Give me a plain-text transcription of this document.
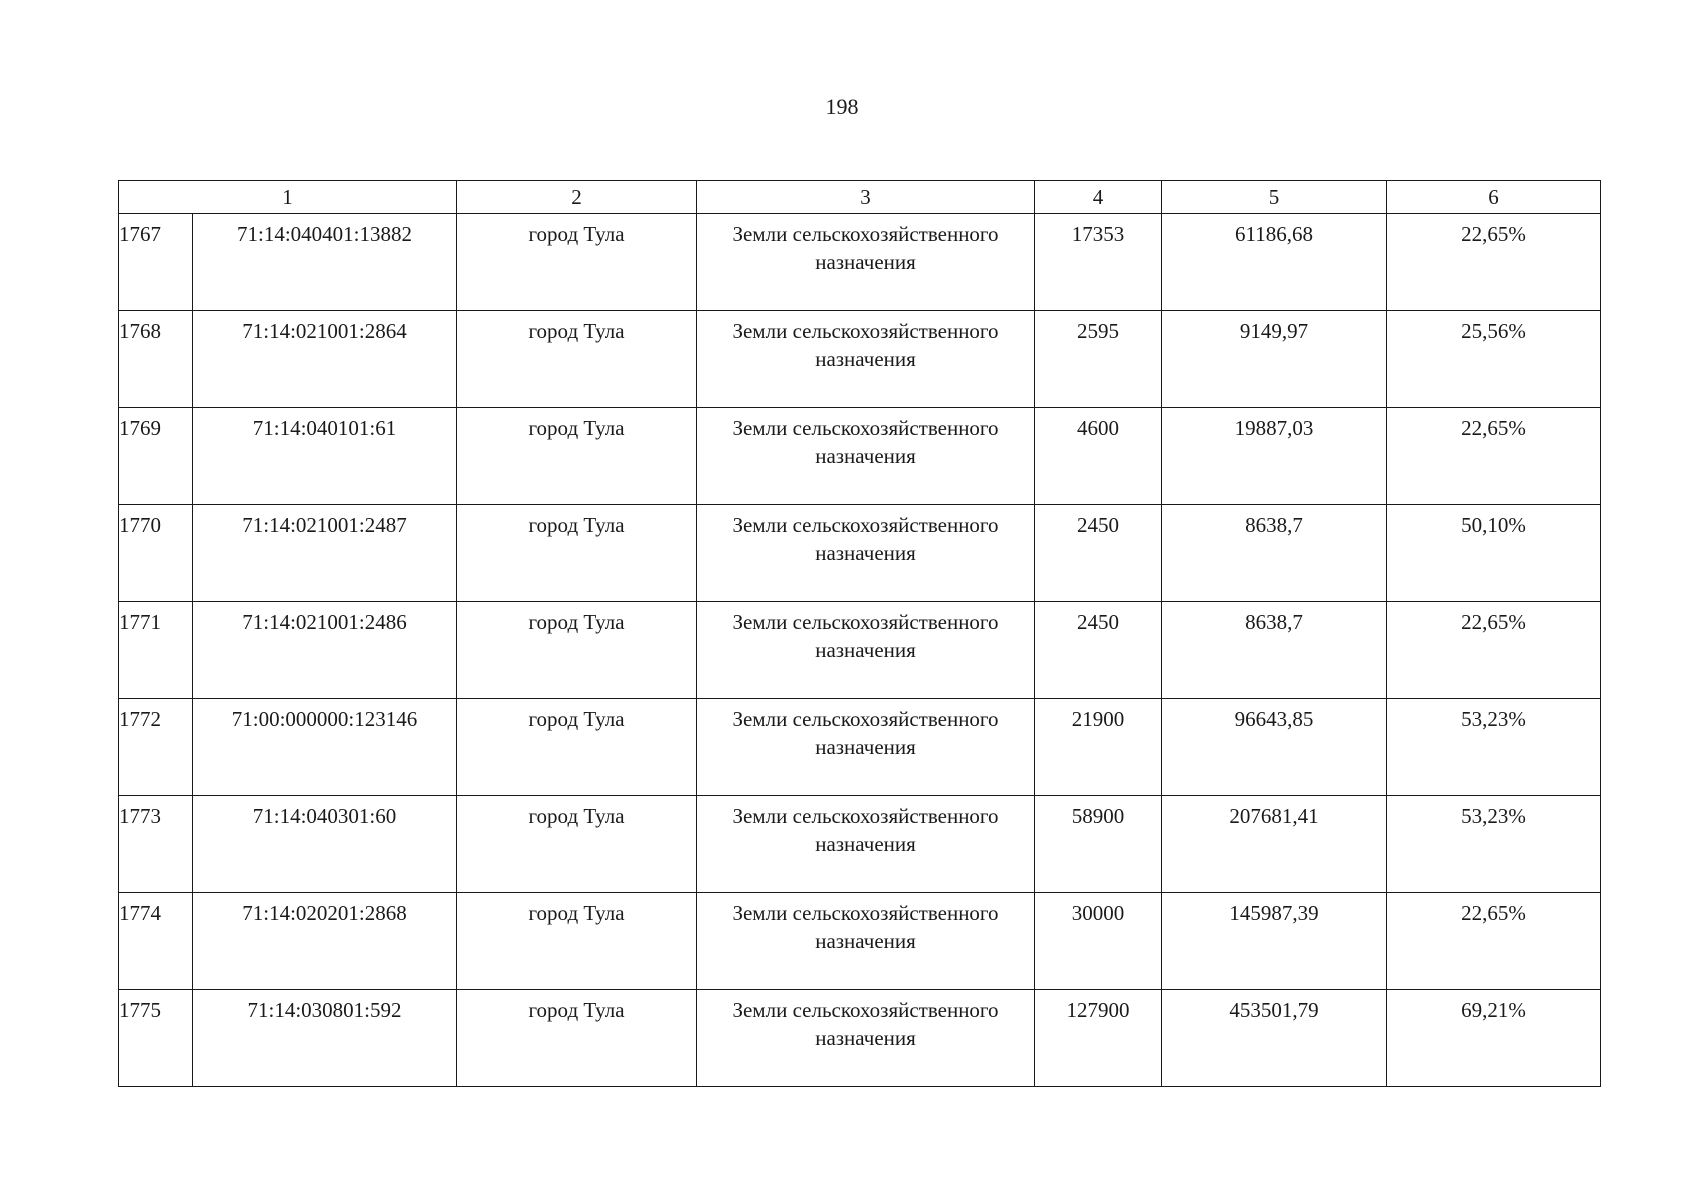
198
1		2	3	4	5	6
1767	71:14:040401:13882	город Тула	Земли сельскохозяйственного
назначения	17353	61186,68	22,65%
1768	71:14:021001:2864	город Тула	Земли сельскохозяйственного
назначения	2595	9149,97	25,56%
1769	71:14:040101:61	город Тула	Земли сельскохозяйственного
назначения	4600	19887,03	22,65%
1770	71:14:021001:2487	город Тула	Земли сельскохозяйственного
назначения	2450	8638,7	50,10%
1771	71:14:021001:2486	город Тула	Земли сельскохозяйственного
назначения	2450	8638,7	22,65%
1772	71:00:000000:123146	город Тула	Земли сельскохозяйственного
назначения	21900	96643,85	53,23%
1773	71:14:040301:60	город Тула	Земли сельскохозяйственного
назначения	58900	207681,41	53,23%
1774	71:14:020201:2868	город Тула	Земли сельскохозяйственного
назначения	30000	145987,39	22,65%
1775	71:14:030801:592	город Тула	Земли сельскохозяйственного
назначения	127900	453501,79	69,21%
